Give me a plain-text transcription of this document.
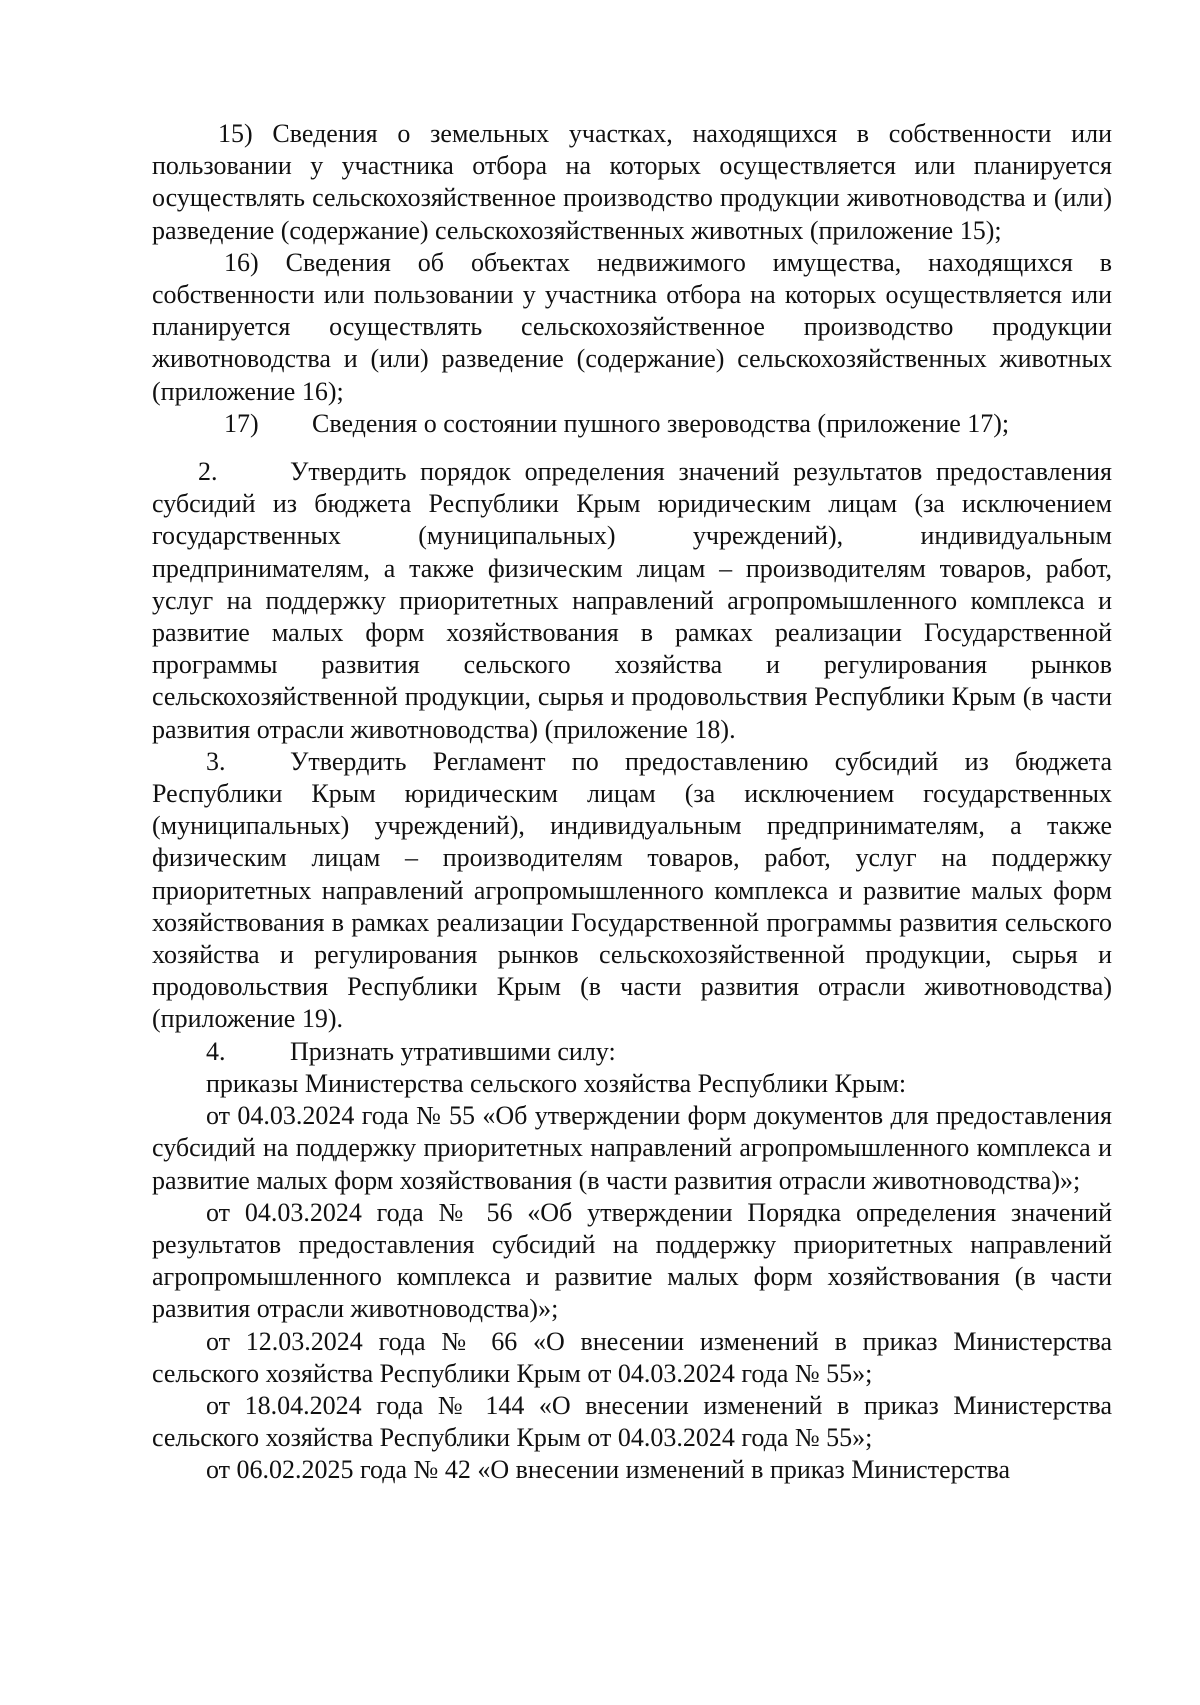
15) Сведения о земельных участках, находящихся в собственности или пользовании у участника отбора на которых осуществляется или планируется осуществлять сельскохозяйственное производство продукции животноводства и (или) разведение (содержание) сельскохозяйственных животных (приложение 15);

16) Сведения об объектах недвижимого имущества, находящихся в собственности или пользовании у участника отбора на которых осуществляется или планируется осуществлять сельскохозяйственное производство продукции животноводства и (или) разведение (содержание) сельскохозяйственных животных (приложение 16);

17) Сведения о состоянии пушного звероводства (приложение 17);

2.	Утвердить порядок определения значений результатов предоставления субсидий из бюджета Республики Крым юридическим лицам (за исключением государственных (муниципальных) учреждений), индивидуальным предпринимателям, а также физическим лицам – производителям товаров, работ, услуг на поддержку приоритетных направлений агропромышленного комплекса и развитие малых форм хозяйствования в рамках реализации Государственной программы развития сельского хозяйства и регулирования рынков сельскохозяйственной продукции, сырья и продовольствия Республики Крым (в части развития отрасли животноводства) (приложение 18).

3. Утвердить Регламент по предоставлению субсидий из бюджета Республики Крым юридическим лицам (за исключением государственных (муниципальных) учреждений), индивидуальным предпринимателям, а также физическим лицам – производителям товаров, работ, услуг на поддержку приоритетных направлений агропромышленного комплекса и развитие малых форм хозяйствования в рамках реализации Государственной программы развития сельского хозяйства и регулирования рынков сельскохозяйственной продукции, сырья и продовольствия Республики Крым (в части развития отрасли животноводства) (приложение 19).

4. Признать утратившими силу:

приказы Министерства сельского хозяйства Республики Крым:

от 04.03.2024 года № 55 «Об утверждении форм документов для предоставления субсидий на поддержку приоритетных направлений агропромышленного комплекса и развитие малых форм хозяйствования (в части развития отрасли животноводства)»;

от 04.03.2024 года № 56 «Об утверждении Порядка определения значений результатов предоставления субсидий на поддержку приоритетных направлений агропромышленного комплекса и развитие малых форм хозяйствования (в части развития отрасли животноводства)»;

от 12.03.2024 года № 66 «О внесении изменений в приказ Министерства сельского хозяйства Республики Крым от 04.03.2024 года № 55»;

от 18.04.2024 года № 144 «О внесении изменений в приказ Министерства сельского хозяйства Республики Крым от 04.03.2024 года № 55»;

от 06.02.2025 года № 42 «О внесении изменений в приказ Министерства
